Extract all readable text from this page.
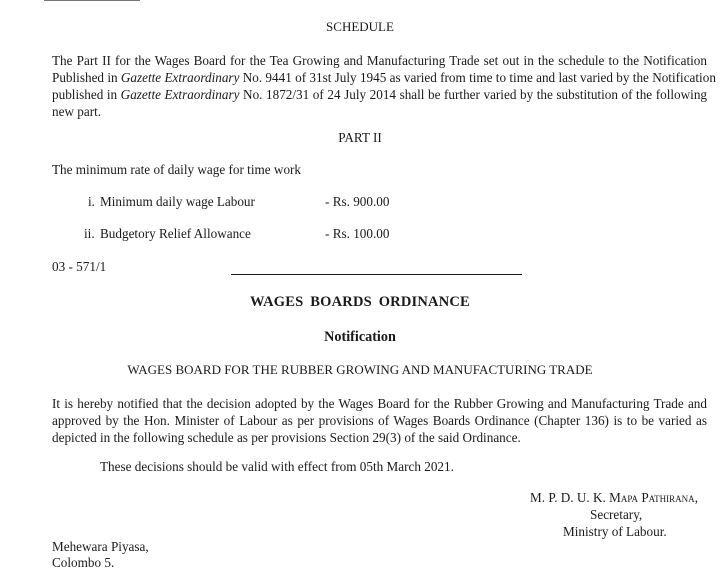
SCHEDULE
The Part II for the Wages Board for the Tea Growing and Manufacturing Trade set out in the schedule to the Notification
Published in Gazette Extraordinary No. 9441 of 31st July 1945 as varied from time to time and last varied by the Notification
published in Gazette Extraordinary No. 1872/31 of 24 July 2014 shall be further varied by the substitution of the following
new part.
PART II
The minimum rate of daily wage for time work
i. Minimum daily wage Labour	- Rs. 900.00
ii. Budgetory Relief Allowance	- Rs. 100.00
03 - 571/1
WAGES BOARDS ORDINANCE
Notification
WAGES BOARD FOR THE RUBBER GROWING AND MANUFACTURING TRADE
It is hereby notified that the decision adopted by the Wages Board for the Rubber Growing and Manufacturing Trade and
approved by the Hon. Minister of Labour as per provisions of Wages Boards Ordinance (Chapter 136) is to be varied as
depicted in the following schedule as per provisions Section 29(3) of the said Ordinance.
These decisions should be valid with effect from 05th March 2021.
M. P. D. U. K. Mapa Pathirana,
Secretary,
Ministry of Labour.
Mehewara Piyasa,
Colombo 5.
